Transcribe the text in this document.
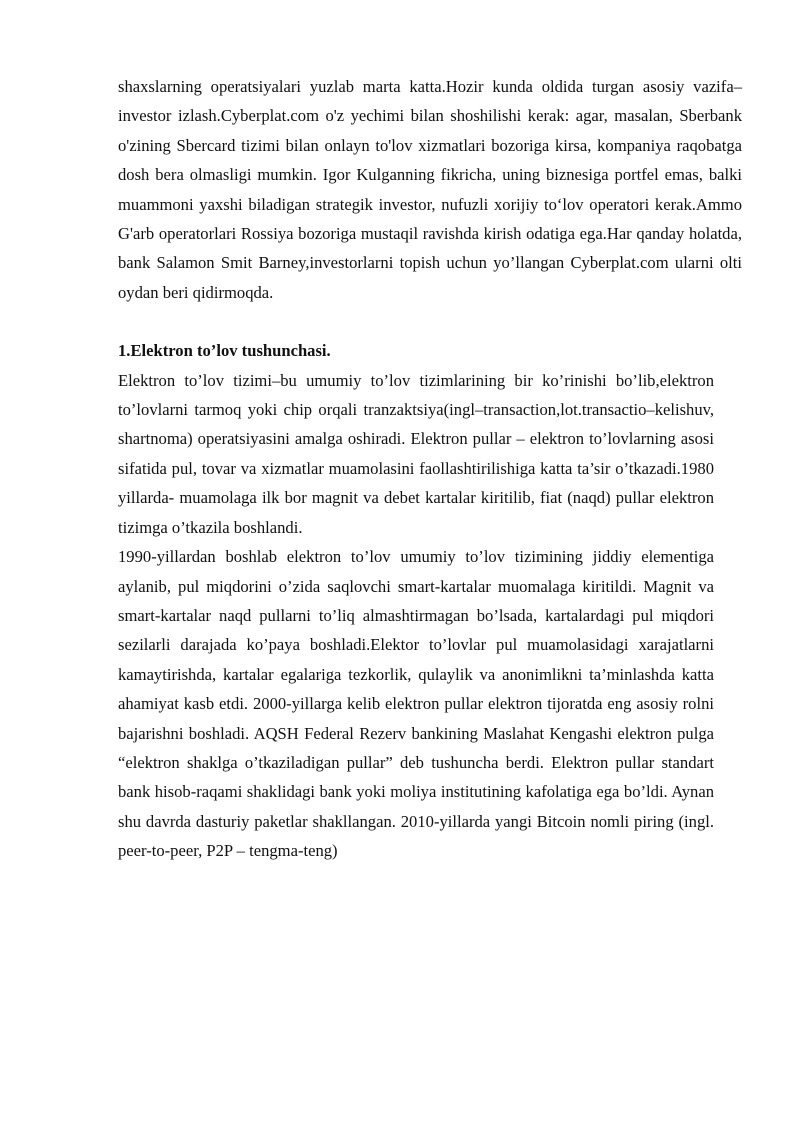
shaxslarning operatsiyalari yuzlab marta katta.Hozir kunda oldida turgan asosiy vazifa–investor izlash.Cyberplat.com o'z yechimi bilan shoshilishi kerak: agar, masalan, Sberbank o'zining Sbercard tizimi bilan onlayn to'lov xizmatlari bozoriga kirsa, kompaniya raqobatga dosh bera olmasligi mumkin. Igor Kulganning fikricha, uning biznesiga portfel emas, balki muammoni yaxshi biladigan strategik investor, nufuzli xorijiy to‘lov operatori kerak.Ammo G'arb operatorlari Rossiya bozoriga mustaqil ravishda kirish odatiga ega.Har qanday holatda, bank Salamon Smit Barney,investorlarni topish uchun yo’llangan Cyberplat.com ularni olti oydan beri qidirmoqda.

1.Elektron to’lov tushunchasi.

Elektron to’lov tizimi–bu umumiy to’lov tizimlarining bir ko’rinishi bo’lib,elektron to’lovlarni tarmoq yoki chip orqali tranzaktsiya(ingl–transaction,lot.transactio–kelishuv, shartnoma) operatsiyasini amalga oshiradi. Elektron pullar – elektron to’lovlarning asosi sifatida pul, tovar va xizmatlar muamolasini faollashtirilishiga katta ta’sir o’tkazadi.1980 yillarda- muamolaga ilk bor magnit va debet kartalar kiritilib, fiat (naqd) pullar elektron tizimga o’tkazila boshlandi.

1990-yillardan boshlab elektron to’lov umumiy to’lov tizimining jiddiy elementiga aylanib, pul miqdorini o’zida saqlovchi smart-kartalar muomalaga kiritildi. Magnit va smart-kartalar naqd pullarni to’liq almashtirmagan bo’lsada, kartalardagi pul miqdori sezilarli darajada ko’paya boshladi.Elektor to’lovlar pul muamolasidagi xarajatlarni kamaytirishda, kartalar egalariga tezkorlik, qulaylik va anonimlikni ta’minlashda katta ahamiyat kasb etdi. 2000-yillarga kelib elektron pullar elektron tijoratda eng asosiy rolni bajarishni boshladi. AQSH Federal Rezerv bankining Maslahat Kengashi elektron pulga “elektron shaklga o’tkaziladigan pullar” deb tushuncha berdi. Elektron pullar standart bank hisob-raqami shaklidagi bank yoki moliya institutining kafolatiga ega bo’ldi. Aynan shu davrda dasturiy paketlar shakllangan. 2010-yillarda yangi Bitcoin nomli piring (ingl. peer-to-peer, P2P – tengma-teng)
